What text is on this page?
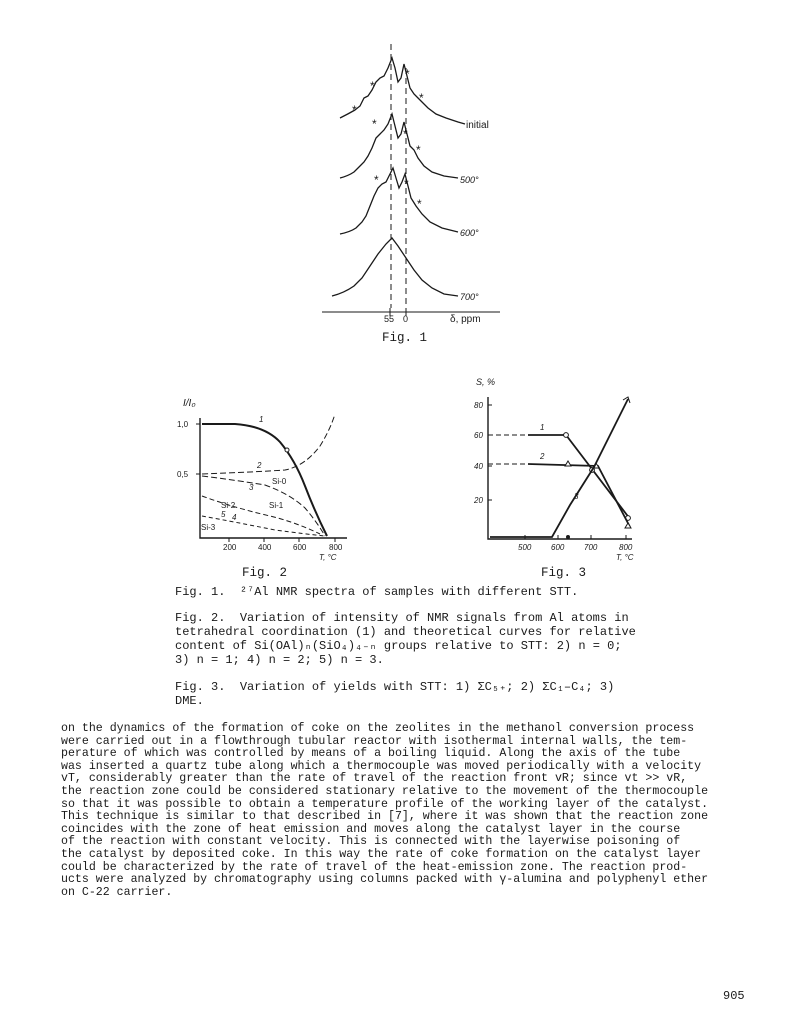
*
*
*
*
*
*
*
* *
*
initial
500°
600°
700°
55 0	δ, ppm
Fig. 1
I/I₀
1,0
0,5
200	400	600	800
T, °C
1
2
3
Si-0
Si-1
Si-2
4
Si-3
5
Fig. 2
S, %
80
60
40
20
500 600 700	800
T, °C
1
2
3
Fig. 3
Fig. 1. ²⁷Al NMR spectra of samples with different STT.
Fig. 2. Variation of intensity of NMR signals from Al atoms in
tetrahedral coordination (1) and theoretical curves for relative
content of Si(OAl)ₙ(SiO₄)₄₋ₙ groups relative to STT: 2) n = 0;
3) n = 1; 4) n = 2; 5) n = 3.
Fig. 3. Variation of yields with STT: 1) ΣC₅₊; 2) ΣC₁–C₄; 3)
DME.
on the dynamics of the formation of coke on the zeolites in the methanol conversion process
were carried out in a flowthrough tubular reactor with isothermal internal walls, the tem-
perature of which was controlled by means of a boiling liquid. Along the axis of the tube
was inserted a quartz tube along which a thermocouple was moved periodically with a velocity
vT, considerably greater than the rate of travel of the reaction front vR; since vt >> vR,
the reaction zone could be considered stationary relative to the movement of the thermocouple
so that it was possible to obtain a temperature profile of the working layer of the catalyst.
This technique is similar to that described in [7], where it was shown that the reaction zone
coincides with the zone of heat emission and moves along the catalyst layer in the course
of the reaction with constant velocity. This is connected with the layerwise poisoning of
the catalyst by deposited coke. In this way the rate of coke formation on the catalyst layer
could be characterized by the rate of travel of the heat-emission zone. The reaction prod-
ucts were analyzed by chromatography using columns packed with γ-alumina and polyphenyl ether
on C-22 carrier.
905
